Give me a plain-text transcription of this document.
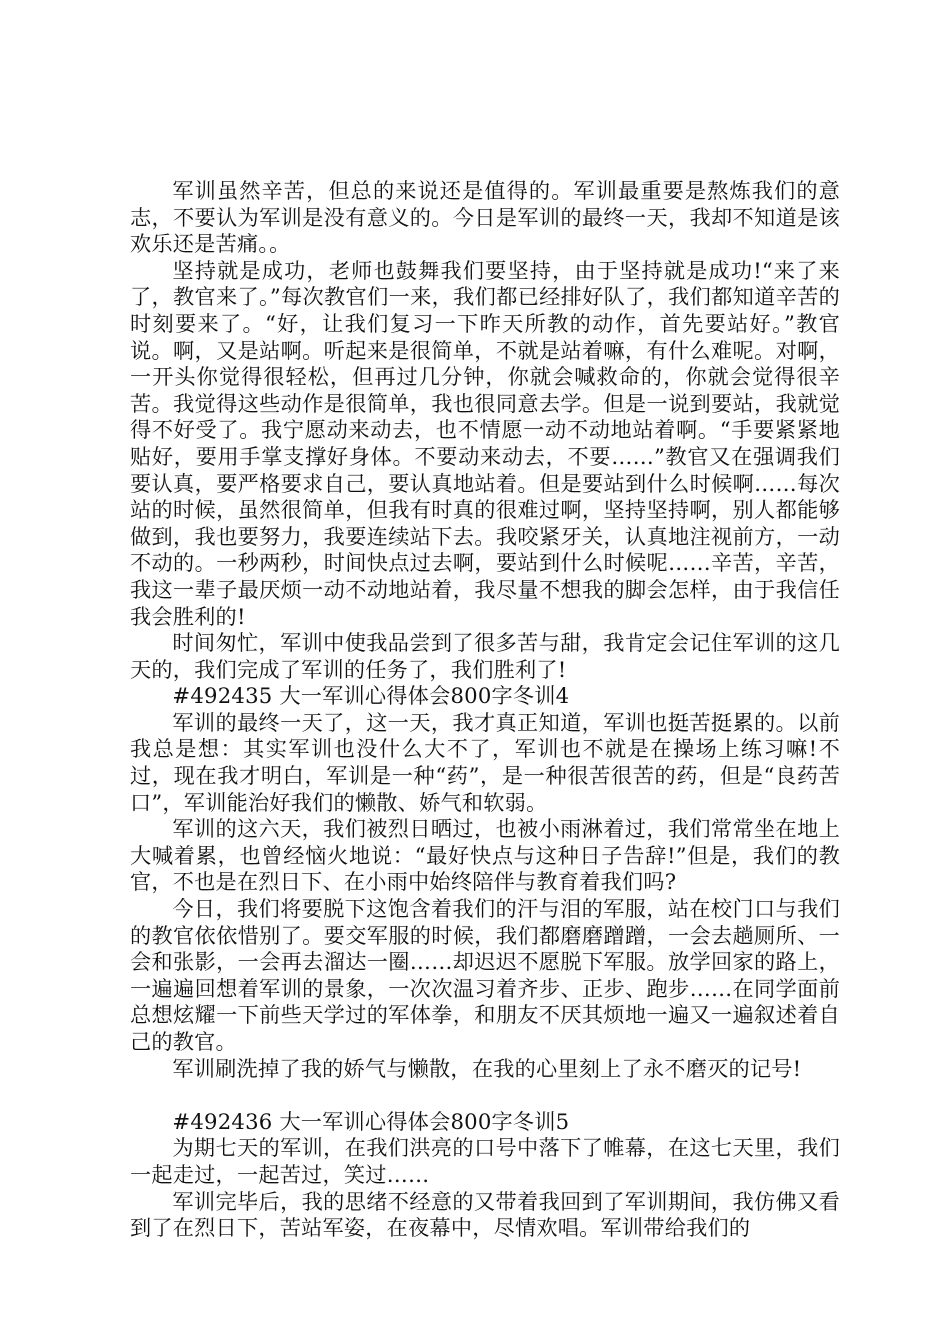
军训虽然辛苦，但总的来说还是值得的。军训最重要是熬炼我们的意志，不要认为军训是没有意义的。今日是军训的最终一天，我却不知道是该欢乐还是苦痛。。

坚持就是成功，老师也鼓舞我们要坚持，由于坚持就是成功!“来了来了，教官来了。”每次教官们一来，我们都已经排好队了，我们都知道辛苦的时刻要来了。“好，让我们复习一下昨天所教的动作，首先要站好。”教官说。啊，又是站啊。听起来是很简单，不就是站着嘛，有什么难呢。对啊，一开头你觉得很轻松，但再过几分钟，你就会喊救命的，你就会觉得很辛苦。我觉得这些动作是很简单，我也很同意去学。但是一说到要站，我就觉得不好受了。我宁愿动来动去，也不情愿一动不动地站着啊。“手要紧紧地贴好，要用手掌支撑好身体。不要动来动去，不要……”教官又在强调我们要认真，要严格要求自己，要认真地站着。但是要站到什么时候啊……每次站的时候，虽然很简单，但我有时真的很难过啊，坚持坚持啊，别人都能够做到，我也要努力，我要连续站下去。我咬紧牙关，认真地注视前方，一动不动的。一秒两秒，时间快点过去啊，要站到什么时候呢……辛苦，辛苦，我这一辈子最厌烦一动不动地站着，我尽量不想我的脚会怎样，由于我信任我会胜利的!

时间匆忙，军训中使我品尝到了很多苦与甜，我肯定会记住军训的这几天的，我们完成了军训的任务了，我们胜利了!

#492435 大一军训心得体会800字冬训4

军训的最终一天了，这一天，我才真正知道，军训也挺苦挺累的。以前我总是想：其实军训也没什么大不了，军训也不就是在操场上练习嘛!不过，现在我才明白，军训是一种“药”，是一种很苦很苦的药，但是“良药苦口”，军训能治好我们的懒散、娇气和软弱。

军训的这六天，我们被烈日晒过，也被小雨淋着过，我们常常坐在地上大喊着累，也曾经恼火地说：“最好快点与这种日子告辞!”但是，我们的教官，不也是在烈日下、在小雨中始终陪伴与教育着我们吗?

今日，我们将要脱下这饱含着我们的汗与泪的军服，站在校门口与我们的教官依依惜别了。要交军服的时候，我们都磨磨蹭蹭，一会去趟厕所、一会和张影，一会再去溜达一圈……却迟迟不愿脱下军服。放学回家的路上，一遍遍回想着军训的景象，一次次温习着齐步、正步、跑步……在同学面前总想炫耀一下前些天学过的军体拳，和朋友不厌其烦地一遍又一遍叙述着自己的教官。

军训刷洗掉了我的娇气与懒散，在我的心里刻上了永不磨灭的记号!

#492436 大一军训心得体会800字冬训5

为期七天的军训，在我们洪亮的口号中落下了帷幕，在这七天里，我们一起走过，一起苦过，笑过……

军训完毕后，我的思绪不经意的又带着我回到了军训期间，我仿佛又看到了在烈日下，苦站军姿，在夜幕中，尽情欢唱。军训带给我们的
